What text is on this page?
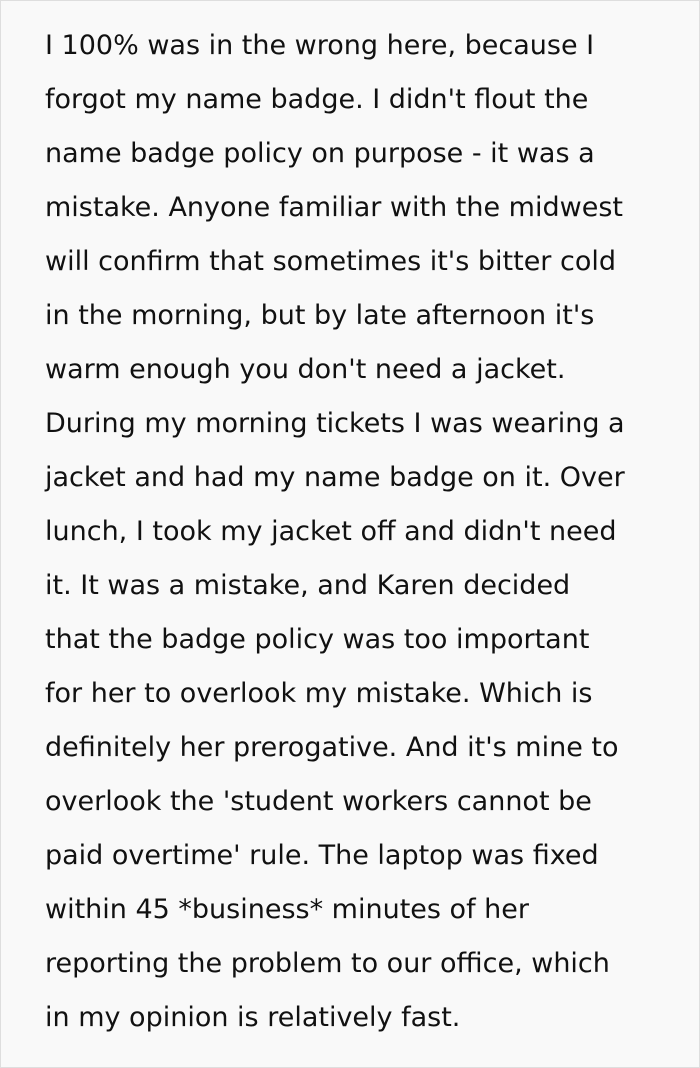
I 100% was in the wrong here, because I
forgot my name badge. I didn't flout the
name badge policy on purpose - it was a
mistake. Anyone familiar with the midwest
will confirm that sometimes it's bitter cold
in the morning, but by late afternoon it's
warm enough you don't need a jacket.
During my morning tickets I was wearing a
jacket and had my name badge on it. Over
lunch, I took my jacket off and didn't need
it. It was a mistake, and Karen decided
that the badge policy was too important
for her to overlook my mistake. Which is
definitely her prerogative. And it's mine to
overlook the 'student workers cannot be
paid overtime' rule. The laptop was fixed
within 45 *business* minutes of her
reporting the problem to our office, which
in my opinion is relatively fast.
